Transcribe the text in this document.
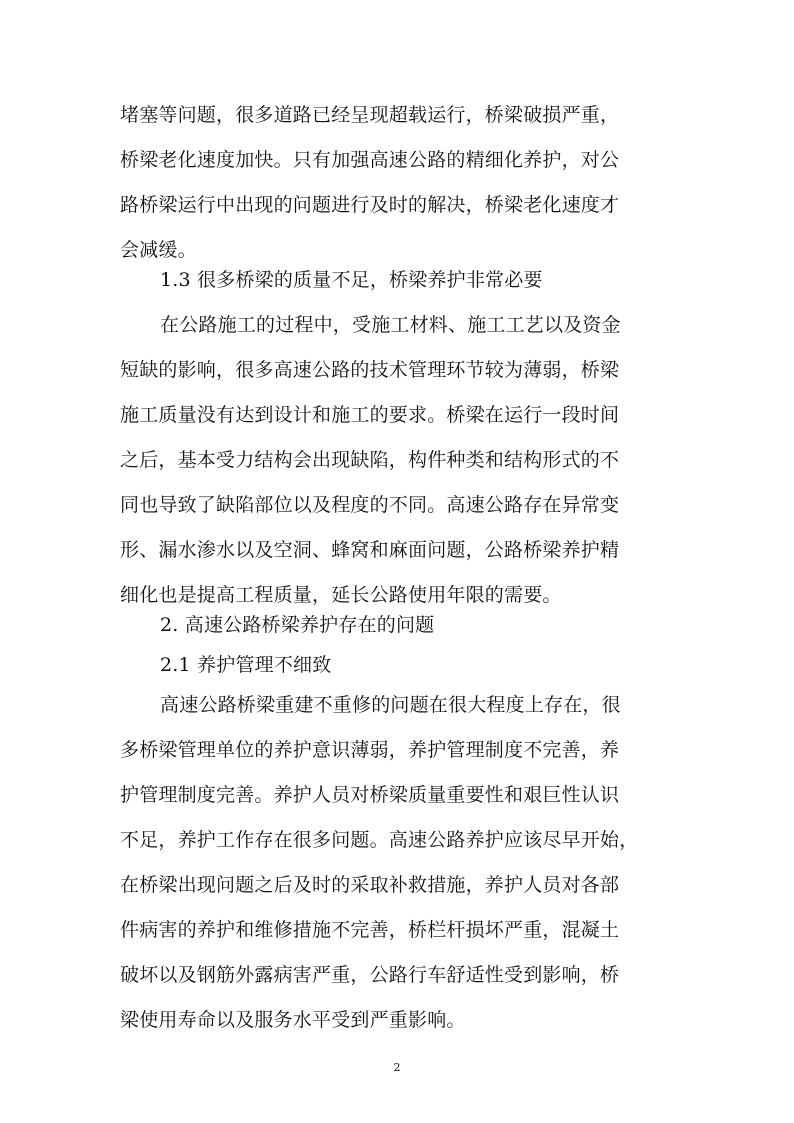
堵塞等问题，很多道路已经呈现超载运行，桥梁破损严重，
桥梁老化速度加快。只有加强高速公路的精细化养护，对公
路桥梁运行中出现的问题进行及时的解决，桥梁老化速度才
会减缓。
1.3 很多桥梁的质量不足，桥梁养护非常必要
在公路施工的过程中，受施工材料、施工工艺以及资金
短缺的影响，很多高速公路的技术管理环节较为薄弱，桥梁
施工质量没有达到设计和施工的要求。桥梁在运行一段时间
之后，基本受力结构会出现缺陷，构件种类和结构形式的不
同也导致了缺陷部位以及程度的不同。高速公路存在异常变
形、漏水渗水以及空洞、蜂窝和麻面问题，公路桥梁养护精
细化也是提高工程质量，延长公路使用年限的需要。
2. 高速公路桥梁养护存在的问题
2.1 养护管理不细致
高速公路桥梁重建不重修的问题在很大程度上存在，很
多桥梁管理单位的养护意识薄弱，养护管理制度不完善，养
护管理制度完善。养护人员对桥梁质量重要性和艰巨性认识
不足，养护工作存在很多问题。高速公路养护应该尽早开始，
在桥梁出现问题之后及时的采取补救措施，养护人员对各部
件病害的养护和维修措施不完善，桥栏杆损坏严重，混凝土
破坏以及钢筋外露病害严重，公路行车舒适性受到影响，桥
梁使用寿命以及服务水平受到严重影响。
2
